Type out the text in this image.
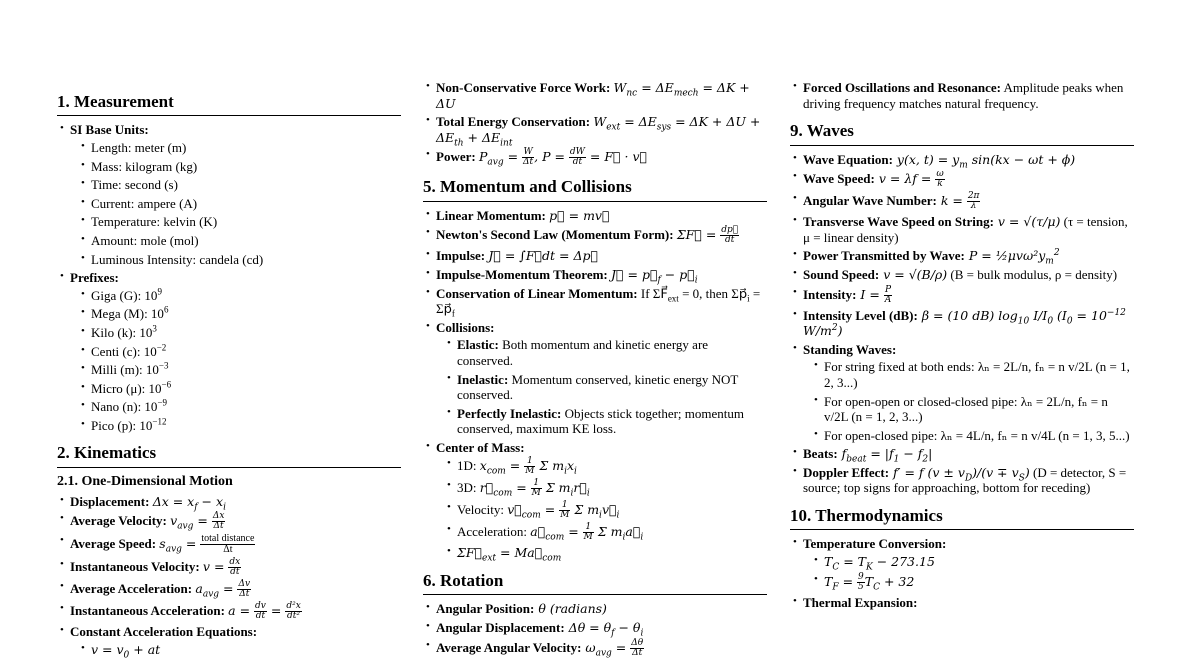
1. Measurement
• SI Base Units:
• Length: meter (m)
• Mass: kilogram (kg)
• Time: second (s)
• Current: ampere (A)
• Temperature: kelvin (K)
• Amount: mole (mol)
• Luminous Intensity: candela (cd)
• Prefixes:
• Giga (G): $10^9$
• Mega (M): $10^6$
• Kilo (k): $10^3$
• Centi (c): $10^{-2}$
• Milli (m): $10^{-3}$
• Micro (μ): $10^{-6}$
• Nano (n): $10^{-9}$
• Pico (p): $10^{-12}$
2. Kinematics
2.1. One-Dimensional Motion
• Displacement: $\Delta x = x_f - x_i$
• Average Velocity: $v_{avg} = \frac{\Delta x}{\Delta t}$
• Average Speed: $s_{avg} = \frac{\text{total distance}}{\Delta t}$
• Instantaneous Velocity: $v = \frac{dx}{dt}$
• Average Acceleration: $a_{avg} = \frac{\Delta v}{\Delta t}$
• Instantaneous Acceleration: $a = \frac{dv}{dt} = \frac{\text{d²x}}{\text{dt²}}$
• Constant Acceleration Equations:
• $v = v_0$ + at
• Non-Conservative Force Work: $W_{nc} = \Delta E_{mech} = \Delta K + \Delta U$
• Total Energy Conservation: $W_{ext} = \Delta E_{sys} = \Delta K + \Delta U + \Delta E_{th} + \Delta E_{int}$
• Power: $P_{avg} = \frac{W}{\Delta t}$ , $P = \frac{dW}{dt}$ = F⃗ · v⃗
5. Momentum and Collisions
• Linear Momentum: p⃗ = mv⃗
• Newton's Second Law (Momentum Form): ΣF⃗ = $\frac{dp⃗}{dt}$
• Impulse: J⃗ = ∫F⃗dt = Δp⃗
• Impulse-Momentum Theorem: J⃗ = $p⃗_f$ − $p⃗_i$
• Conservation of Linear Momentum: If $\Sigma F⃗_{ext} = 0$, then $\Sigma p⃗_i$ = $\Sigma p⃗_f$
• Collisions:
• Elastic: Both momentum and kinetic energy are conserved.
• Inelastic: Momentum conserved, kinetic energy NOT conserved.
• Perfectly Inelastic: Objects stick together; momentum conserved, maximum KE loss.
• Center of Mass:
• 1D: $x_{com} = \frac{1}{M}$ Σ $m_ix_i$
• 3D: $r⃗_{com} = \frac{1}{M}$ Σ $m_ir⃗_i$
• Velocity: $v⃗_{com} = \frac{1}{M}$ Σ $m_iv⃗_i$
• Acceleration: $a⃗_{com} = \frac{1}{M}$ Σ $m_ia⃗_i$
• $\Sigma F⃗_{ext}$ = $Ma⃗_{com}$
6. Rotation
• Angular Position: θ (radians)
• Angular Displacement: $\Delta\theta = \theta_f - \theta_i$
• Average Angular Velocity: $\omega_{avg} = \frac{\Delta\theta}{\Delta t}$
• Forced Oscillations and Resonance: Amplitude peaks when driving frequency matches natural frequency.
9. Waves
• Wave Equation: y(x, $t) = y_m$ sin(kx − ωt + ϕ)
• Wave Speed: $v = \lambda f = \frac{\omega}{k}$
• Angular Wave Number: $k = \frac{2\pi}{\lambda}$
• Transverse Wave Speed on String: v = √(τ/μ) (τ = tension, μ = linear density)
• Power Transmitted by Wave: $P = \frac{1}{2}\mu v\omega^2y_m^2$
• Sound Speed: v = √(B/ρ) (B = bulk modulus, ρ = density)
• Intensity: $I = \frac{P}{A}$
• Intensity Level (dB): β = (10 dB) $\log_{10} I/I_0$ ($I_0 = 10^{-12}$ $W/m^2$)
• Standing Waves:
• For string fixed at both ends: λₙ = 2L/n, fₙ = n v/2L (n = 1, 2, 3...)
• For open-open or closed-closed pipe: λₙ = 2L/n, fₙ = n v/2L (n = 1, 2, 3...)
• For open-closed pipe: λₙ = 4L/n, fₙ = n v/4L (n = 1, 3, 5...)
• Beats: $f_{beat} = |f_1 - f_2|$
• Doppler Effect: f′ = f $(v \pm v_D)/(v \mp v_S)$ (D = detector, S = source; top signs for approaching, bottom for receding)
10. Thermodynamics
• Temperature Conversion:
• $T_C = T_K - 273.15$
• $T_F = \frac{9}{5} T_C + 32$
• Thermal Expansion:
